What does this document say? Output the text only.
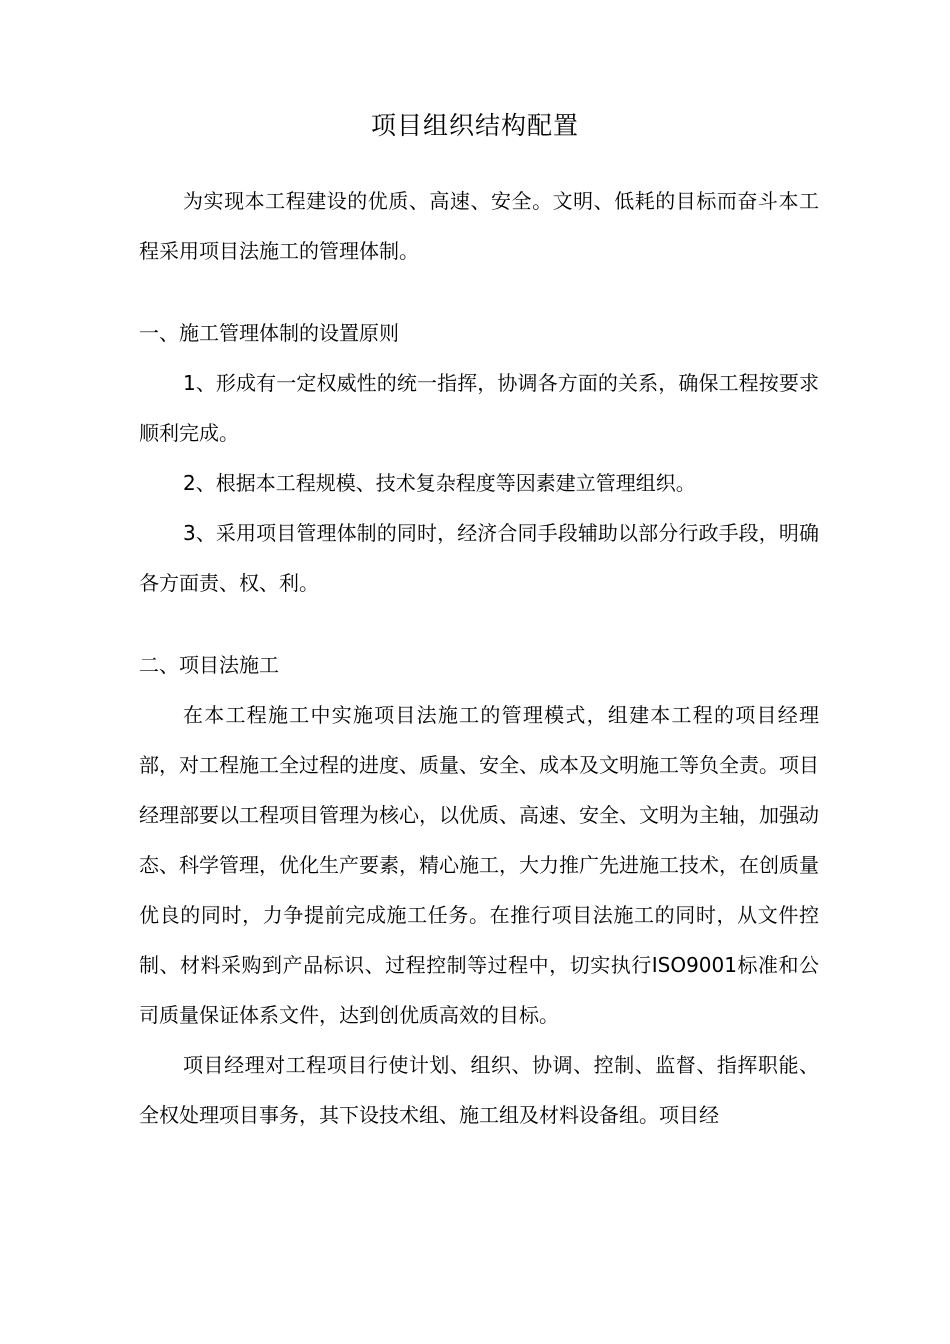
项目组织结构配置

为实现本工程建设的优质、高速、安全。文明、低耗的目标而奋斗本工程采用项目法施工的管理体制。

一、施工管理体制的设置原则

1、形成有一定权威性的统一指挥，协调各方面的关系，确保工程按要求顺利完成。

2、根据本工程规模、技术复杂程度等因素建立管理组织。

3、采用项目管理体制的同时，经济合同手段辅助以部分行政手段，明确各方面责、权、利。

二、项目法施工

在本工程施工中实施项目法施工的管理模式，组建本工程的项目经理部，对工程施工全过程的进度、质量、安全、成本及文明施工等负全责。项目经理部要以工程项目管理为核心，以优质、高速、安全、文明为主轴，加强动态、科学管理，优化生产要素，精心施工，大力推广先进施工技术，在创质量优良的同时，力争提前完成施工任务。在推行项目法施工的同时，从文件控制、材料采购到产品标识、过程控制等过程中，切实执行ISO9001标准和公司质量保证体系文件，达到创优质高效的目标。

项目经理对工程项目行使计划、组织、协调、控制、监督、指挥职能、全权处理项目事务，其下设技术组、施工组及材料设备组。项目经
